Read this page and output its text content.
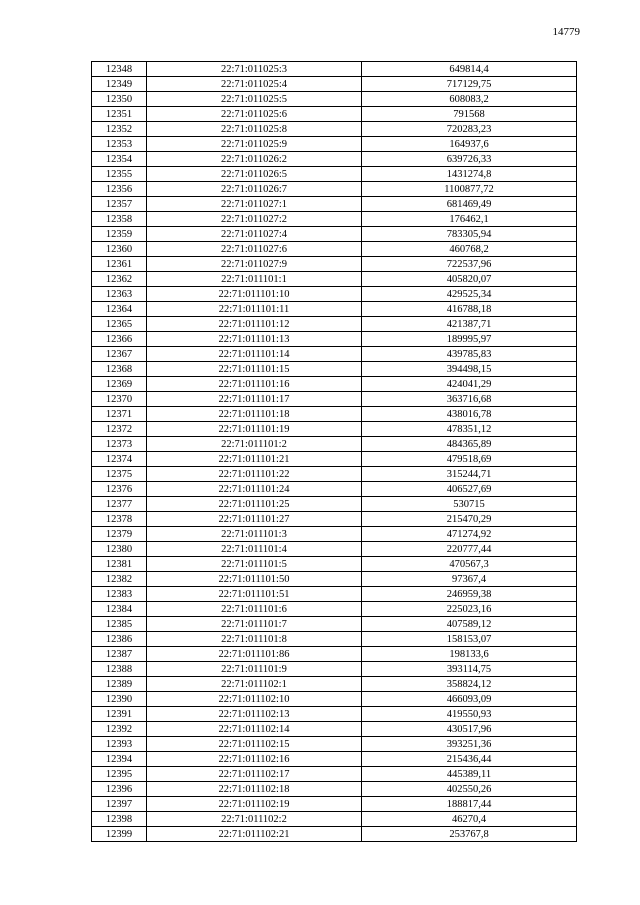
14779
12348	22:71:011025:3	649814,4
12349	22:71:011025:4	717129,75
12350	22:71:011025:5	608083,2
12351	22:71:011025:6	791568
12352	22:71:011025:8	720283,23
12353	22:71:011025:9	164937,6
12354	22:71:011026:2	639726,33
12355	22:71:011026:5	1431274,8
12356	22:71:011026:7	1100877,72
12357	22:71:011027:1	681469,49
12358	22:71:011027:2	176462,1
12359	22:71:011027:4	783305,94
12360	22:71:011027:6	460768,2
12361	22:71:011027:9	722537,96
12362	22:71:011101:1	405820,07
12363	22:71:011101:10	429525,34
12364	22:71:011101:11	416788,18
12365	22:71:011101:12	421387,71
12366	22:71:011101:13	189995,97
12367	22:71:011101:14	439785,83
12368	22:71:011101:15	394498,15
12369	22:71:011101:16	424041,29
12370	22:71:011101:17	363716,68
12371	22:71:011101:18	438016,78
12372	22:71:011101:19	478351,12
12373	22:71:011101:2	484365,89
12374	22:71:011101:21	479518,69
12375	22:71:011101:22	315244,71
12376	22:71:011101:24	406527,69
12377	22:71:011101:25	530715
12378	22:71:011101:27	215470,29
12379	22:71:011101:3	471274,92
12380	22:71:011101:4	220777,44
12381	22:71:011101:5	470567,3
12382	22:71:011101:50	97367,4
12383	22:71:011101:51	246959,38
12384	22:71:011101:6	225023,16
12385	22:71:011101:7	407589,12
12386	22:71:011101:8	158153,07
12387	22:71:011101:86	198133,6
12388	22:71:011101:9	393114,75
12389	22:71:011102:1	358824,12
12390	22:71:011102:10	466093,09
12391	22:71:011102:13	419550,93
12392	22:71:011102:14	430517,96
12393	22:71:011102:15	393251,36
12394	22:71:011102:16	215436,44
12395	22:71:011102:17	445389,11
12396	22:71:011102:18	402550,26
12397	22:71:011102:19	188817,44
12398	22:71:011102:2	46270,4
12399	22:71:011102:21	253767,8
